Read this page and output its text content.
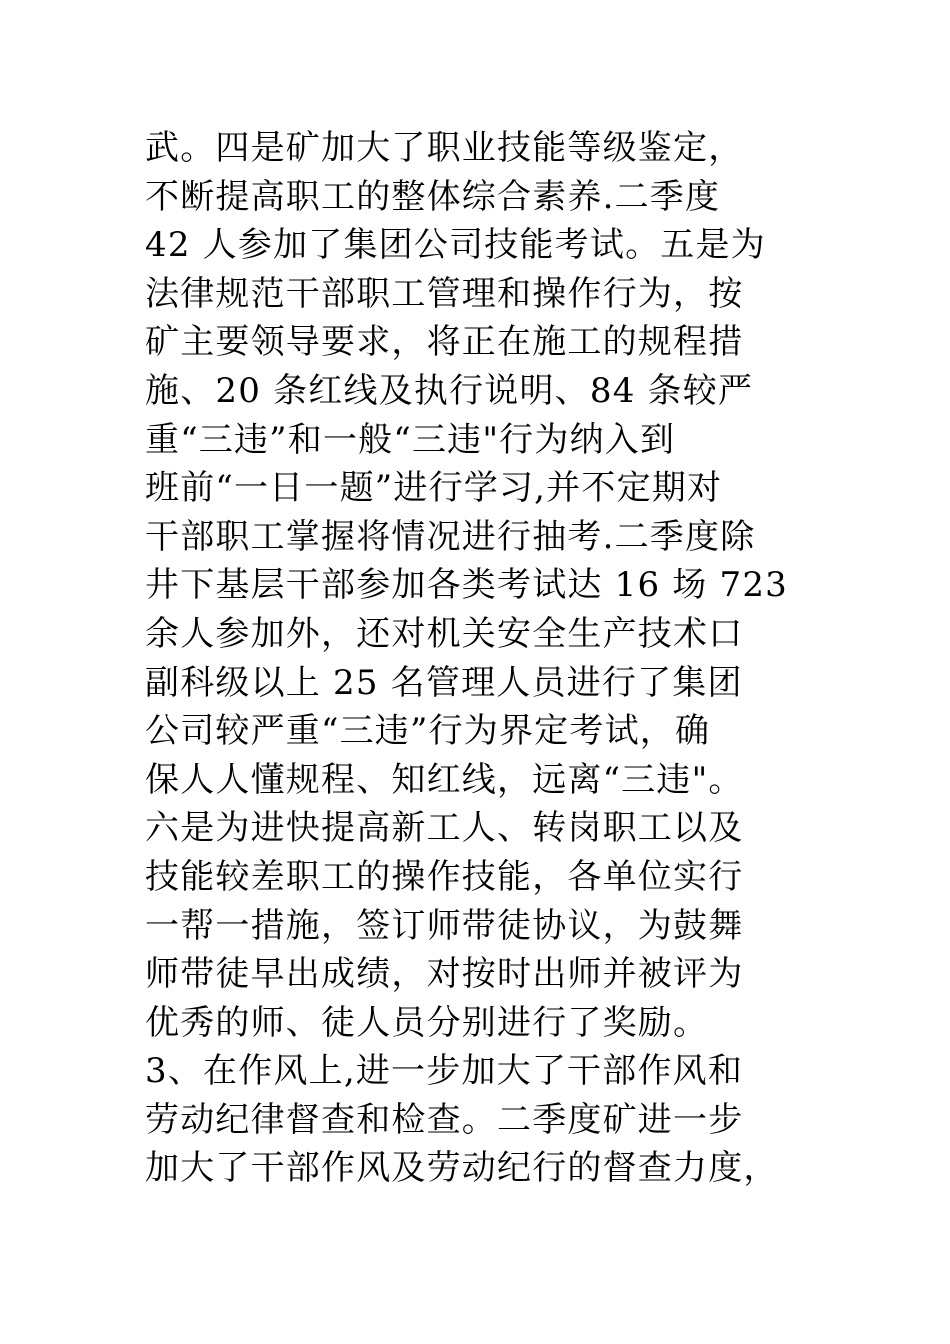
武。四是矿加大了职业技能等级鉴定，
不断提高职工的整体综合素养.二季度
42 人参加了集团公司技能考试。五是为
法律规范干部职工管理和操作行为，按
矿主要领导要求，将正在施工的规程措
施、20 条红线及执行说明、84 条较严
重“三违”和一般“三违"行为纳入到
班前“一日一题”进行学习,并不定期对
干部职工掌握将情况进行抽考.二季度除
井下基层干部参加各类考试达 16 场 723
余人参加外，还对机关安全生产技术口
副科级以上 25 名管理人员进行了集团
公司较严重“三违”行为界定考试，确
保人人懂规程、知红线，远离“三违"。
六是为进快提高新工人、转岗职工以及
技能较差职工的操作技能，各单位实行
一帮一措施，签订师带徒协议，为鼓舞
师带徒早出成绩，对按时出师并被评为
优秀的师、徒人员分别进行了奖励。
3、在作风上,进一步加大了干部作风和
劳动纪律督查和检查。二季度矿进一步
加大了干部作风及劳动纪行的督查力度，
